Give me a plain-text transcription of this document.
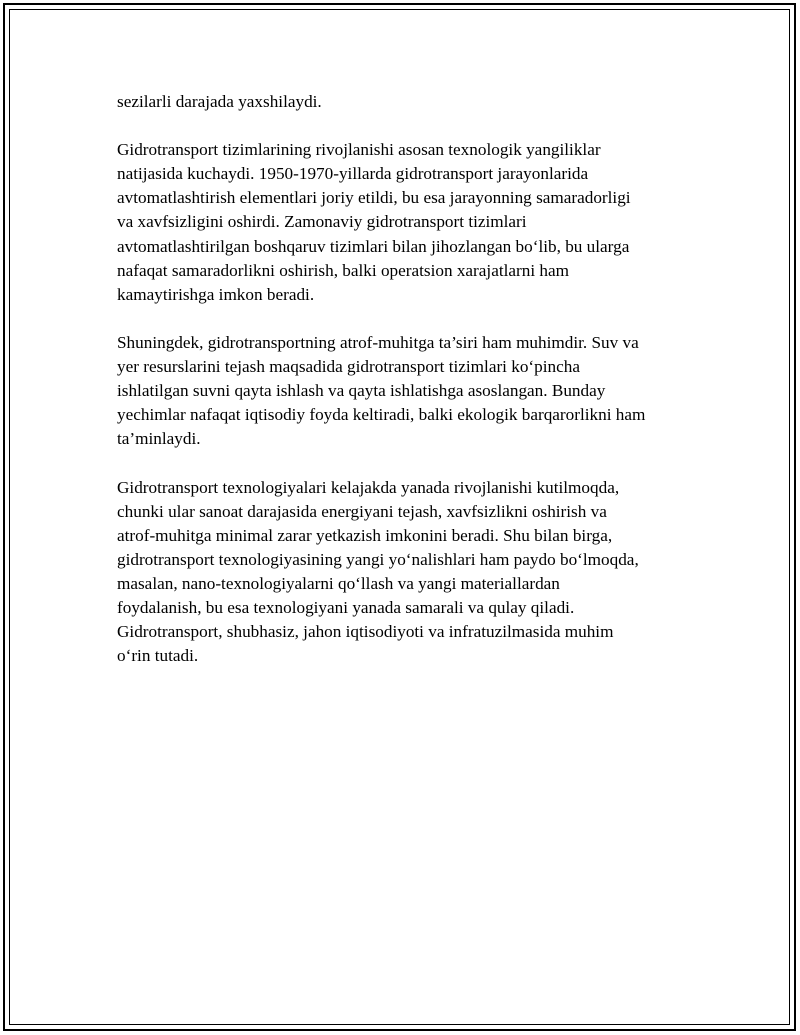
sezilarli darajada yaxshilaydi.

Gidrotransport tizimlarining rivojlanishi asosan texnologik yangiliklar
natijasida kuchaydi. 1950-1970-yillarda gidrotransport jarayonlarida
avtomatlashtirish elementlari joriy etildi, bu esa jarayonning samaradorligi
va xavfsizligini oshirdi. Zamonaviy gidrotransport tizimlari
avtomatlashtirilgan boshqaruv tizimlari bilan jihozlangan bo‘lib, bu ularga
nafaqat samaradorlikni oshirish, balki operatsion xarajatlarni ham
kamaytirishga imkon beradi.

Shuningdek, gidrotransportning atrof-muhitga ta’siri ham muhimdir. Suv va
yer resurslarini tejash maqsadida gidrotransport tizimlari ko‘pincha
ishlatilgan suvni qayta ishlash va qayta ishlatishga asoslangan. Bunday
yechimlar nafaqat iqtisodiy foyda keltiradi, balki ekologik barqarorlikni ham
ta’minlaydi.

Gidrotransport texnologiyalari kelajakda yanada rivojlanishi kutilmoqda,
chunki ular sanoat darajasida energiyani tejash, xavfsizlikni oshirish va
atrof-muhitga minimal zarar yetkazish imkonini beradi. Shu bilan birga,
gidrotransport texnologiyasining yangi yo‘nalishlari ham paydo bo‘lmoqda,
masalan, nano-texnologiyalarni qo‘llash va yangi materiallardan
foydalanish, bu esa texnologiyani yanada samarali va qulay qiladi.
Gidrotransport, shubhasiz, jahon iqtisodiyoti va infratuzilmasida muhim
o‘rin tutadi.
